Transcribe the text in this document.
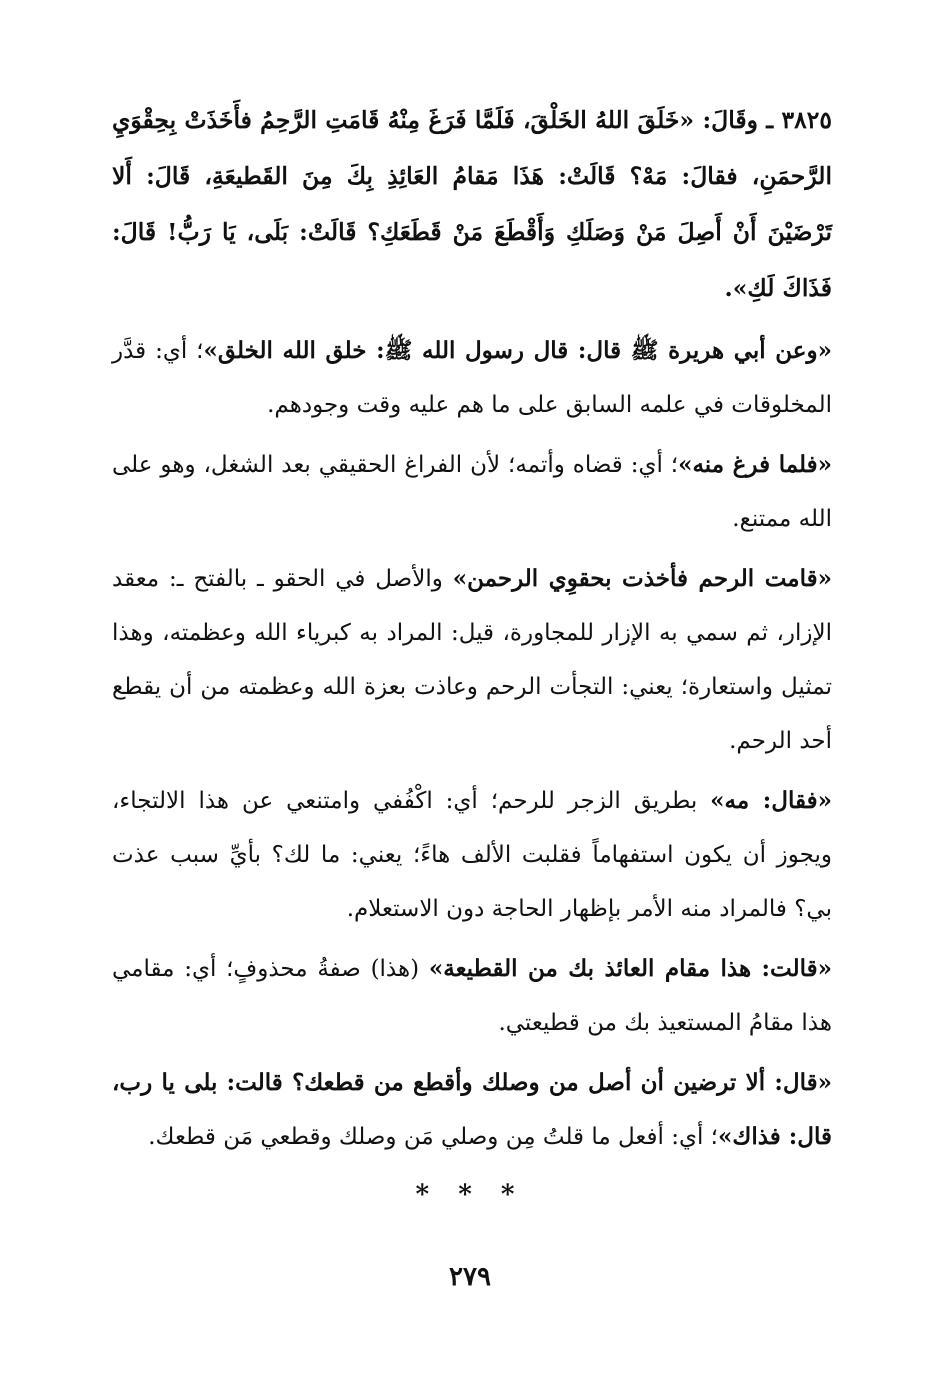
٣٨٢٥ ـ وقَالَ: «خَلَقَ اللهُ الخَلْقَ، فَلَمَّا فَرَغَ مِنْهُ قَامَتِ الرَّحِمُ فأَخَذَتْ بِحِقْوَيِ الرَّحمَنِ، فقالَ: مَهْ؟ قَالَتْ: هَذَا مَقامُ العَائِذِ بِكَ مِنَ القَطيعَةِ، قَالَ: أَلا تَرْضَيْنَ أَنْ أَصِلَ مَنْ وَصَلَكِ وَأَقْطَعَ مَنْ قَطَعَكِ؟ قَالَتْ: بَلَى، يَا رَبُّ! قَالَ: فَذَاكَ لَكِ».

«وعن أبي هريرة ﷺ قال: قال رسول الله ﷺ: خلق الله الخلق»؛ أي: قدَّر المخلوقات في علمه السابق على ما هم عليه وقت وجودهم.

«فلما فرغ منه»؛ أي: قضاه وأتمه؛ لأن الفراغ الحقيقي بعد الشغل، وهو على الله ممتنع.

«قامت الرحم فأخذت بحقوِي الرحمن» والأصل في الحقو ـ بالفتح ـ: معقد الإزار، ثم سمي به الإزار للمجاورة، قيل: المراد به كبرياء الله وعظمته، وهذا تمثيل واستعارة؛ يعني: التجأت الرحم وعاذت بعزة الله وعظمته من أن يقطع أحد الرحم.

«فقال: مه» بطريق الزجر للرحم؛ أي: اكْفُفي وامتنعي عن هذا الالتجاء، ويجوز أن يكون استفهاماً فقلبت الألف هاءً؛ يعني: ما لك؟ بأيِّ سبب عذت بي؟ فالمراد منه الأمر بإظهار الحاجة دون الاستعلام.

«قالت: هذا مقام العائذ بك من القطيعة» (هذا) صفةُ محذوفٍ؛ أي: مقامي هذا مقامُ المستعيذ بك من قطيعتي.

«قال: ألا ترضين أن أصل من وصلك وأقطع من قطعك؟ قالت: بلى يا رب، قال: فذاك»؛ أي: أفعل ما قلتُ مِن وصلي مَن وصلك وقطعي مَن قطعك.

* * *
٢٧٩
